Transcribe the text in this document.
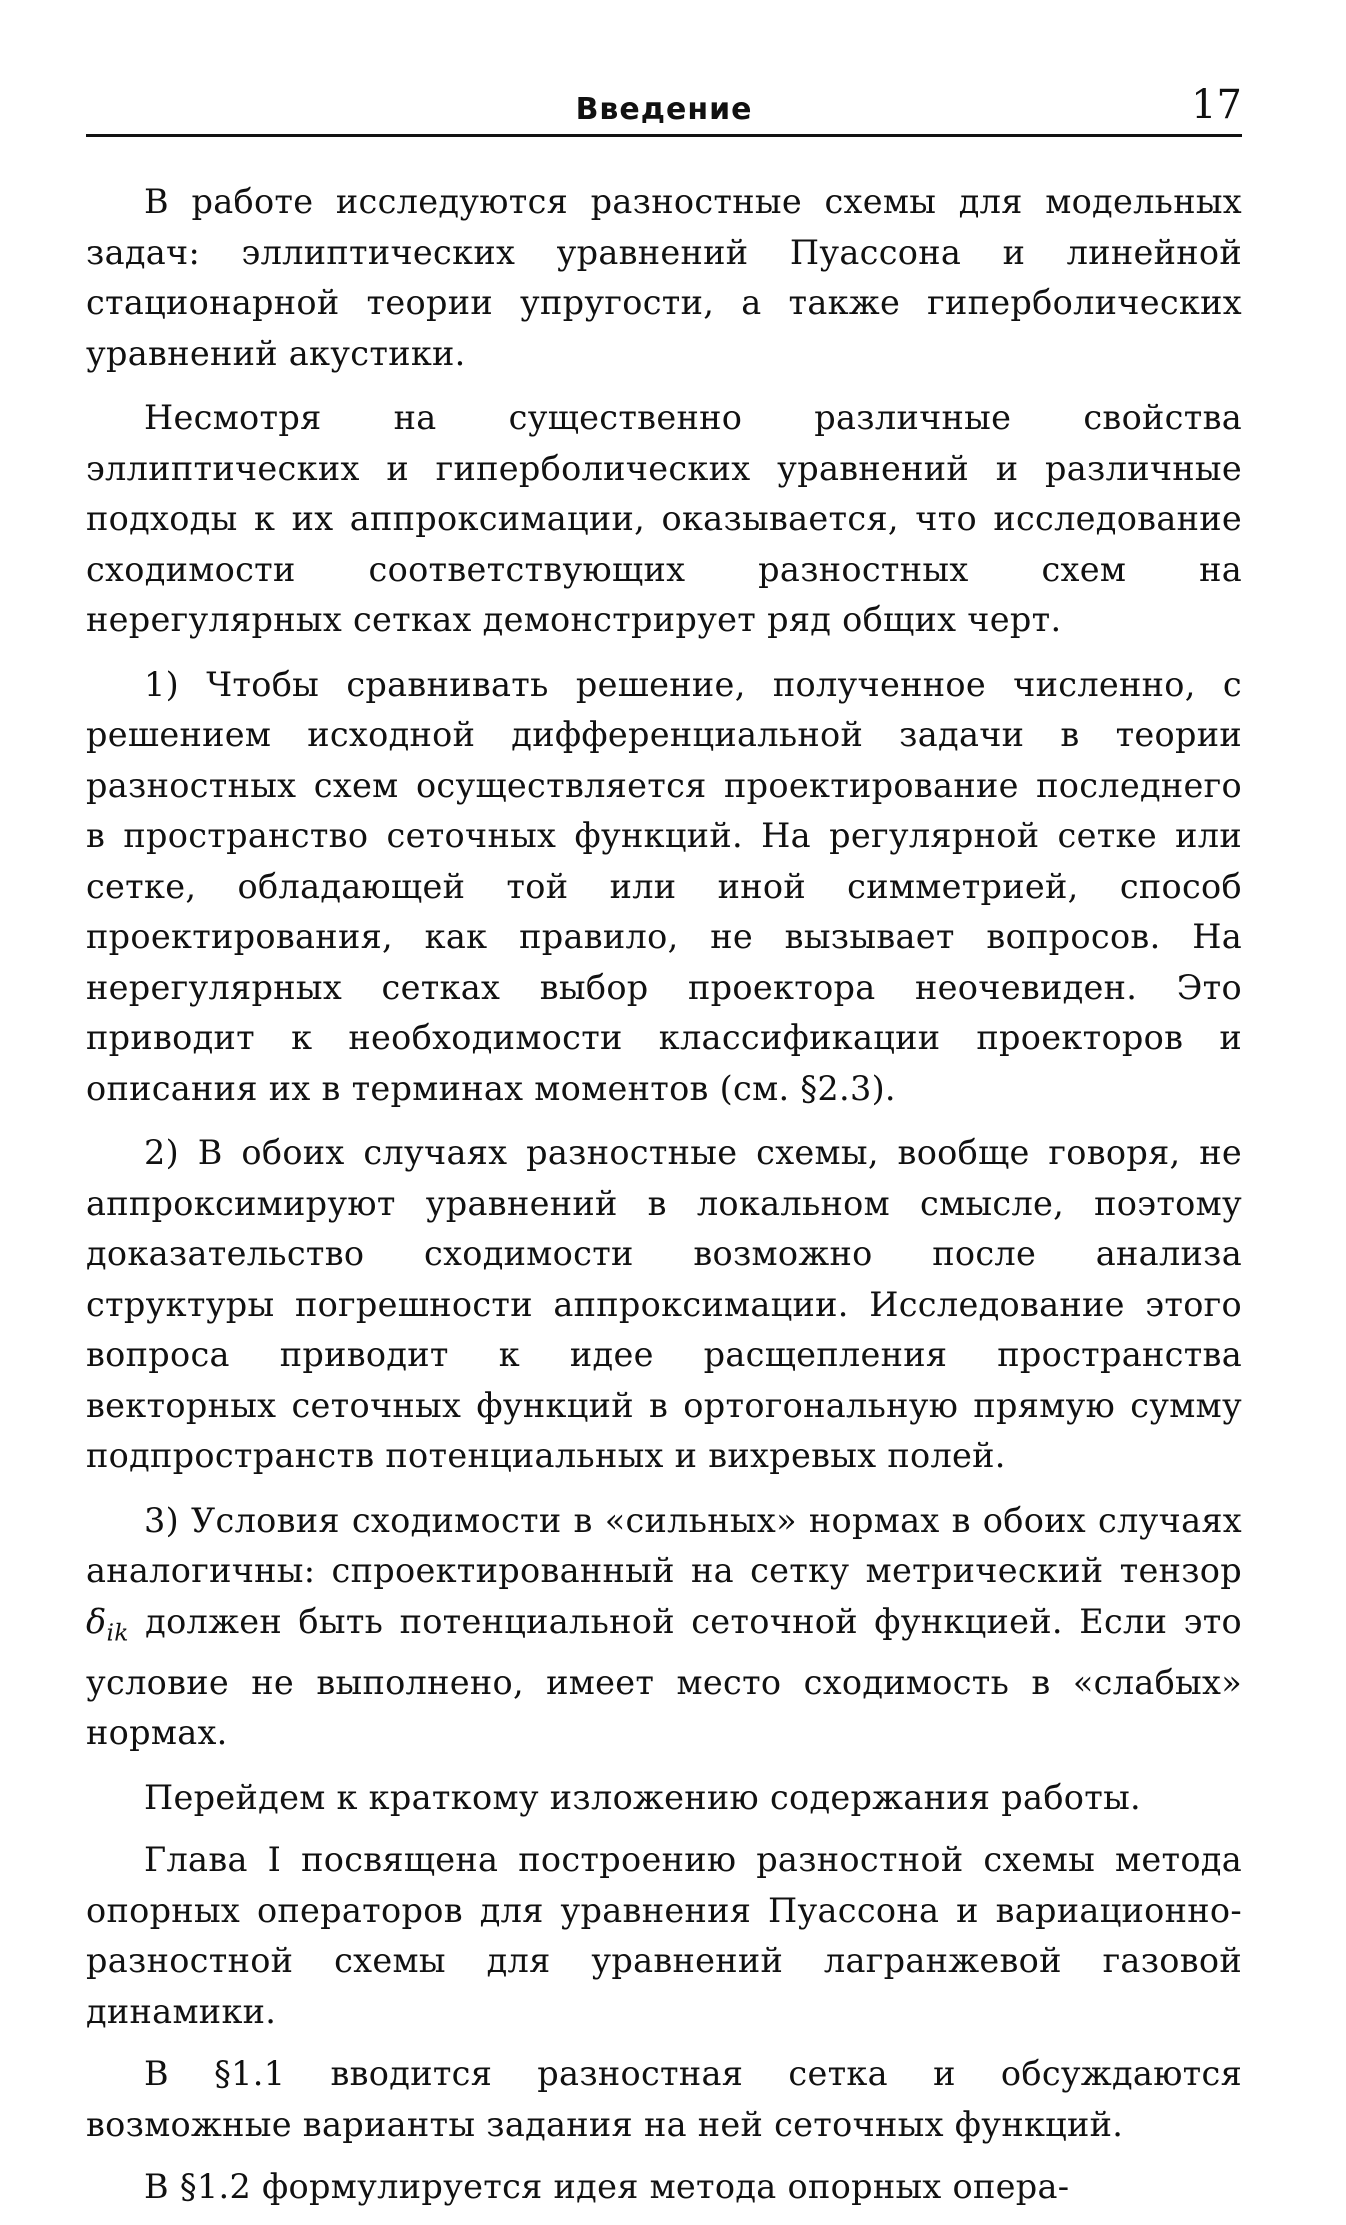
Введение	17

В работе исследуются разностные схемы для модельных задач: эллиптических уравнений Пуассона и линейной стационарной теории упругости, а также гиперболических уравнений акустики.

Несмотря на существенно различные свойства эллиптических и гиперболических уравнений и различные подходы к их аппроксимации, оказывается, что исследование сходимости соответствующих разностных схем на нерегулярных сетках демонстрирует ряд общих черт.

1) Чтобы сравнивать решение, полученное численно, с решением исходной дифференциальной задачи в теории разностных схем осуществляется проектирование последнего в пространство сеточных функций. На регулярной сетке или сетке, обладающей той или иной симметрией, способ проектирования, как правило, не вызывает вопросов. На нерегулярных сетках выбор проектора неочевиден. Это приводит к необходимости классификации проекторов и описания их в терминах моментов (см. §2.3).

2) В обоих случаях разностные схемы, вообще говоря, не аппроксимируют уравнений в локальном смысле, поэтому доказательство сходимости возможно после анализа структуры погрешности аппроксимации. Исследование этого вопроса приводит к идее расщепления пространства векторных сеточных функций в ортогональную прямую сумму подпространств потенциальных и вихревых полей.

3) Условия сходимости в «сильных» нормах в обоих случаях аналогичны: спроектированный на сетку метрический тензор $\delta_{ik}$ должен быть потенциальной сеточной функцией. Если это условие не выполнено, имеет место сходимость в «слабых» нормах.

Перейдем к краткому изложению содержания работы.

Глава I посвящена построению разностной схемы метода опорных операторов для уравнения Пуассона и вариационно-разностной схемы для уравнений лагранжевой газовой динамики.

В §1.1 вводится разностная сетка и обсуждаются возможные варианты задания на ней сеточных функций.

В §1.2 формулируется идея метода опорных опера-
